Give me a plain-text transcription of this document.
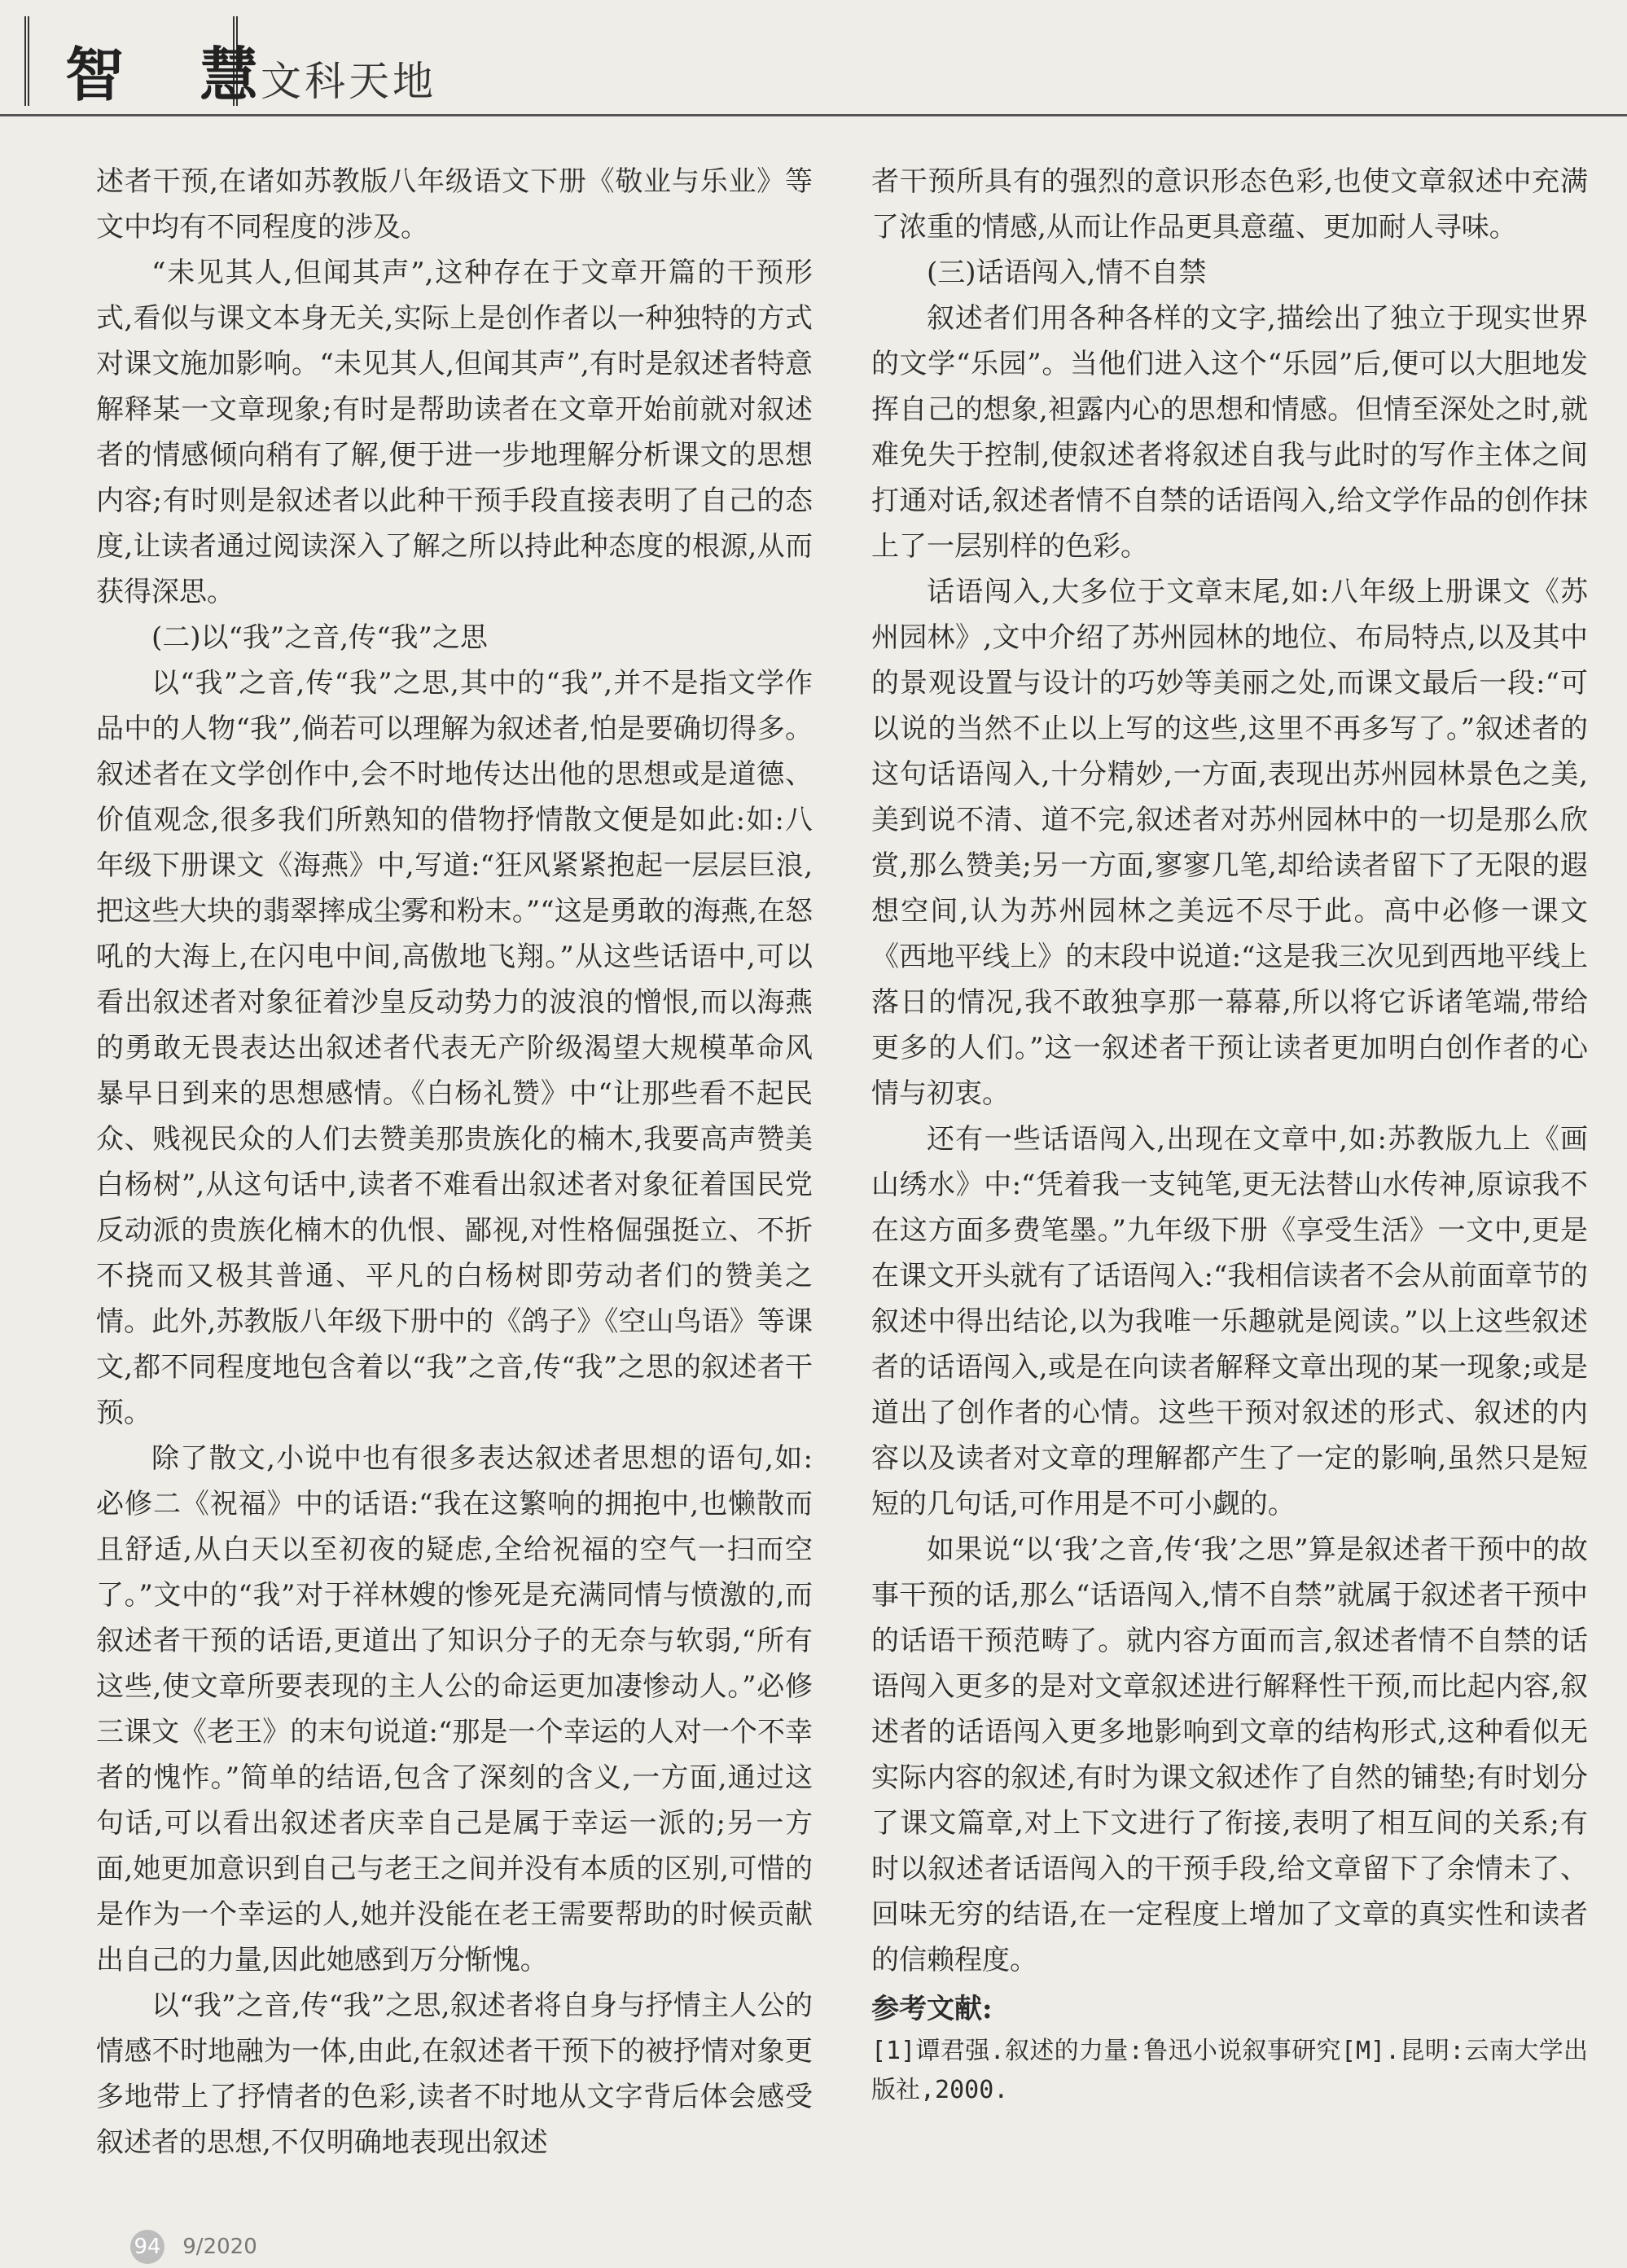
智 慧
文科天地

述者干预,在诸如苏教版八年级语文下册《敬业与乐业》等文中均有不同程度的涉及。

“未见其人,但闻其声”,这种存在于文章开篇的干预形式,看似与课文本身无关,实际上是创作者以一种独特的方式对课文施加影响。“未见其人,但闻其声”,有时是叙述者特意解释某一文章现象;有时是帮助读者在文章开始前就对叙述者的情感倾向稍有了解,便于进一步地理解分析课文的思想内容;有时则是叙述者以此种干预手段直接表明了自己的态度,让读者通过阅读深入了解之所以持此种态度的根源,从而获得深思。

(二)以“我”之音,传“我”之思

以“我”之音,传“我”之思,其中的“我”,并不是指文学作品中的人物“我”,倘若可以理解为叙述者,怕是要确切得多。叙述者在文学创作中,会不时地传达出他的思想或是道德、价值观念,很多我们所熟知的借物抒情散文便是如此:如:八年级下册课文《海燕》中,写道:“狂风紧紧抱起一层层巨浪,把这些大块的翡翠摔成尘雾和粉末。”“这是勇敢的海燕,在怒吼的大海上,在闪电中间,高傲地飞翔。”从这些话语中,可以看出叙述者对象征着沙皇反动势力的波浪的憎恨,而以海燕的勇敢无畏表达出叙述者代表无产阶级渴望大规模革命风暴早日到来的思想感情。《白杨礼赞》中“让那些看不起民众、贱视民众的人们去赞美那贵族化的楠木,我要高声赞美白杨树”,从这句话中,读者不难看出叙述者对象征着国民党反动派的贵族化楠木的仇恨、鄙视,对性格倔强挺立、不折不挠而又极其普通、平凡的白杨树即劳动者们的赞美之情。此外,苏教版八年级下册中的《鸽子》《空山鸟语》等课文,都不同程度地包含着以“我”之音,传“我”之思的叙述者干预。

除了散文,小说中也有很多表达叙述者思想的语句,如:必修二《祝福》中的话语:“我在这繁响的拥抱中,也懒散而且舒适,从白天以至初夜的疑虑,全给祝福的空气一扫而空了。”文中的“我”对于祥林嫂的惨死是充满同情与愤激的,而叙述者干预的话语,更道出了知识分子的无奈与软弱,“所有这些,使文章所要表现的主人公的命运更加凄惨动人。”必修三课文《老王》的末句说道:“那是一个幸运的人对一个不幸者的愧怍。”简单的结语,包含了深刻的含义,一方面,通过这句话,可以看出叙述者庆幸自己是属于幸运一派的;另一方面,她更加意识到自己与老王之间并没有本质的区别,可惜的是作为一个幸运的人,她并没能在老王需要帮助的时候贡献出自己的力量,因此她感到万分惭愧。

以“我”之音,传“我”之思,叙述者将自身与抒情主人公的情感不时地融为一体,由此,在叙述者干预下的被抒情对象更多地带上了抒情者的色彩,读者不时地从文字背后体会感受叙述者的思想,不仅明确地表现出叙述

者干预所具有的强烈的意识形态色彩,也使文章叙述中充满了浓重的情感,从而让作品更具意蕴、更加耐人寻味。

(三)话语闯入,情不自禁

叙述者们用各种各样的文字,描绘出了独立于现实世界的文学“乐园”。当他们进入这个“乐园”后,便可以大胆地发挥自己的想象,袒露内心的思想和情感。但情至深处之时,就难免失于控制,使叙述者将叙述自我与此时的写作主体之间打通对话,叙述者情不自禁的话语闯入,给文学作品的创作抹上了一层别样的色彩。

话语闯入,大多位于文章末尾,如:八年级上册课文《苏州园林》,文中介绍了苏州园林的地位、布局特点,以及其中的景观设置与设计的巧妙等美丽之处,而课文最后一段:“可以说的当然不止以上写的这些,这里不再多写了。”叙述者的这句话语闯入,十分精妙,一方面,表现出苏州园林景色之美,美到说不清、道不完,叙述者对苏州园林中的一切是那么欣赏,那么赞美;另一方面,寥寥几笔,却给读者留下了无限的遐想空间,认为苏州园林之美远不尽于此。高中必修一课文《西地平线上》的末段中说道:“这是我三次见到西地平线上落日的情况,我不敢独享那一幕幕,所以将它诉诸笔端,带给更多的人们。”这一叙述者干预让读者更加明白创作者的心情与初衷。

还有一些话语闯入,出现在文章中,如:苏教版九上《画山绣水》中:“凭着我一支钝笔,更无法替山水传神,原谅我不在这方面多费笔墨。”九年级下册《享受生活》一文中,更是在课文开头就有了话语闯入:“我相信读者不会从前面章节的叙述中得出结论,以为我唯一乐趣就是阅读。”以上这些叙述者的话语闯入,或是在向读者解释文章出现的某一现象;或是道出了创作者的心情。这些干预对叙述的形式、叙述的内容以及读者对文章的理解都产生了一定的影响,虽然只是短短的几句话,可作用是不可小觑的。

如果说“以‘我’之音,传‘我’之思”算是叙述者干预中的故事干预的话,那么“话语闯入,情不自禁”就属于叙述者干预中的话语干预范畴了。就内容方面而言,叙述者情不自禁的话语闯入更多的是对文章叙述进行解释性干预,而比起内容,叙述者的话语闯入更多地影响到文章的结构形式,这种看似无实际内容的叙述,有时为课文叙述作了自然的铺垫;有时划分了课文篇章,对上下文进行了衔接,表明了相互间的关系;有时以叙述者话语闯入的干预手段,给文章留下了余情未了、回味无穷的结语,在一定程度上增加了文章的真实性和读者的信赖程度。

参考文献:
[1]谭君强.叙述的力量:鲁迅小说叙事研究[M].昆明:云南大学出版社,2000.
94 9/2020
